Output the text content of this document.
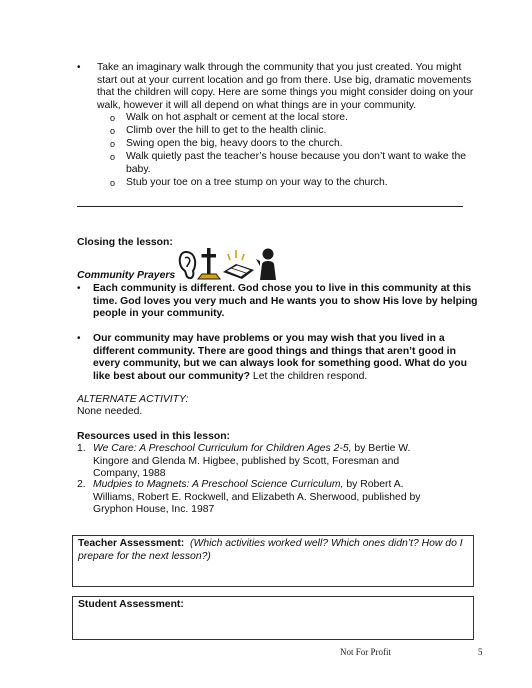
• Take an imaginary walk through the community that you just created. You might
start out at your current location and go from there. Use big, dramatic movements
that the children will copy. Here are some things you might consider doing on your
walk, however it will all depend on what things are in your community.
o Walk on hot asphalt or cement at the local store.
o Climb over the hill to get to the health clinic.
o Swing open the big, heavy doors to the church.
o Walk quietly past the teacher’s house because you don’t want to wake the
baby.
o Stub your toe on a tree stump on your way to the church.
Closing the lesson:
Community Prayers
• Each community is different. God chose you to live in this community at this
time. God loves you very much and He wants you to show His love by helping
people in your community.
• Our community may have problems or you may wish that you lived in a
different community. There are good things and things that aren’t good in
every community, but we can always look for something good. What do you
like best about our community? Let the children respond.
ALTERNATE ACTIVITY:
None needed.
Resources used in this lesson:
1. We Care: A Preschool Curriculum for Children Ages 2-5, by Bertie W.
Kingore and Glenda M. Higbee, published by Scott, Foresman and
Company, 1988
2. Mudpies to Magnets: A Preschool Science Curriculum, by Robert A.
Williams, Robert E. Rockwell, and Elizabeth A. Sherwood, published by
Gryphon House, Inc. 1987
Teacher Assessment: (Which activities worked well? Which ones didn’t? How do I
prepare for the next lesson?)
Student Assessment:
Not For Profit	5
